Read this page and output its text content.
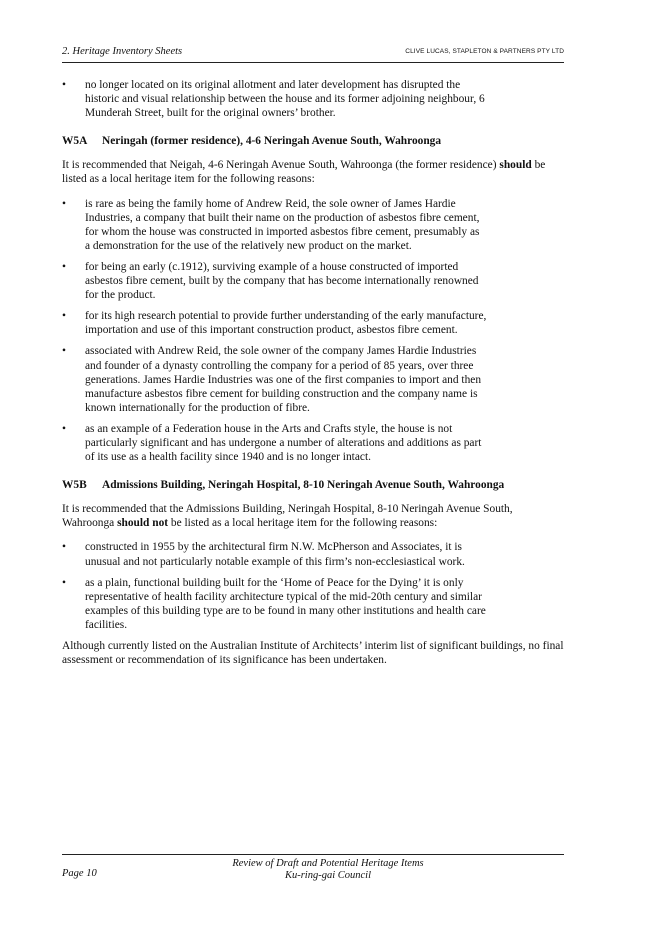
2. Heritage Inventory Sheets	CLIVE LUCAS, STAPLETON & PARTNERS PTY LTD
• no longer located on its original allotment and later development has disrupted the historic and visual relationship between the house and its former adjoining neighbour, 6 Munderah Street, built for the original owners’ brother.
W5A Neringah (former residence), 4-6 Neringah Avenue South, Wahroonga

It is recommended that Neigah, 4-6 Neringah Avenue South, Wahroonga (the former residence) should be listed as a local heritage item for the following reasons:

• is rare as being the family home of Andrew Reid, the sole owner of James Hardie Industries, a company that built their name on the production of asbestos fibre cement, for whom the house was constructed in imported asbestos fibre cement, presumably as a demonstration for the use of the relatively new product on the market.
• for being an early (c.1912), surviving example of a house constructed of imported asbestos fibre cement, built by the company that has become internationally renowned for the product.
• for its high research potential to provide further understanding of the early manufacture, importation and use of this important construction product, asbestos fibre cement.
• associated with Andrew Reid, the sole owner of the company James Hardie Industries and founder of a dynasty controlling the company for a period of 85 years, over three generations. James Hardie Industries was one of the first companies to import and then manufacture asbestos fibre cement for building construction and the company name is known internationally for the production of fibre.
• as an example of a Federation house in the Arts and Crafts style, the house is not particularly significant and has undergone a number of alterations and additions as part of its use as a health facility since 1940 and is no longer intact.
W5B Admissions Building, Neringah Hospital, 8-10 Neringah Avenue South, Wahroonga

It is recommended that the Admissions Building, Neringah Hospital, 8-10 Neringah Avenue South, Wahroonga should not be listed as a local heritage item for the following reasons:

• constructed in 1955 by the architectural firm N.W. McPherson and Associates, it is unusual and not particularly notable example of this firm’s non-ecclesiastical work.
• as a plain, functional building built for the ‘Home of Peace for the Dying’ it is only representative of health facility architecture typical of the mid-20th century and similar examples of this building type are to be found in many other institutions and health care facilities.

Although currently listed on the Australian Institute of Architects’ interim list of significant buildings, no final assessment or recommendation of its significance has been undertaken.

Review of Draft and Potential Heritage Items
Ku-ring-gai Council
Page 10
